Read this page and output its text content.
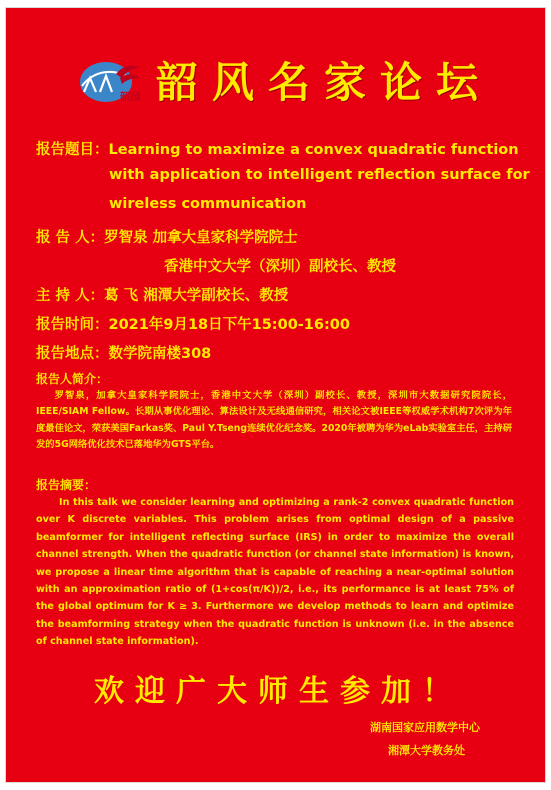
韶园 韶风名家论坛
报告题目：Learning to maximize a convex quadratic function
with application to intelligent reflection surface for
wireless communication
报 告 人：罗智泉 加拿大皇家科学院院士
香港中文大学（深圳）副校长、教授
主 持 人：葛 飞 湘潭大学副校长、教授
报告时间：2021年9月18日下午15:00-16:00
报告地点：数学院南楼308
报告人简介：
罗智泉，加拿大皇家科学院院士，香港中文大学（深圳）副校长、教授，深圳市大数据研究院院长，IEEE/SIAM Fellow。长期从事优化理论、算法设计及无线通信研究，相关论文被IEEE等权威学术机构7次评为年度最佳论文，荣获美国Farkas奖、Paul Y.Tseng连续优化纪念奖。2020年被聘为华为eLab实验室主任，主持研发的5G网络优化技术已落地华为GTS平台。
报告摘要：
In this talk we consider learning and optimizing a rank-2 convex quadratic function over K discrete variables. This problem arises from optimal design of a passive beamformer for intelligent reflecting surface (IRS) in order to maximize the overall channel strength. When the quadratic function (or channel state information) is known, we propose a linear time algorithm that is capable of reaching a near-optimal solution with an approximation ratio of (1+cos(π/K))/2, i.e., its performance is at least 75% of the global optimum for K ≥ 3. Furthermore we develop methods to learn and optimize the beamforming strategy when the quadratic function is unknown (i.e. in the absence of channel state information).
欢迎广大师生参加！
湖南国家应用数学中心
湘潭大学教务处
